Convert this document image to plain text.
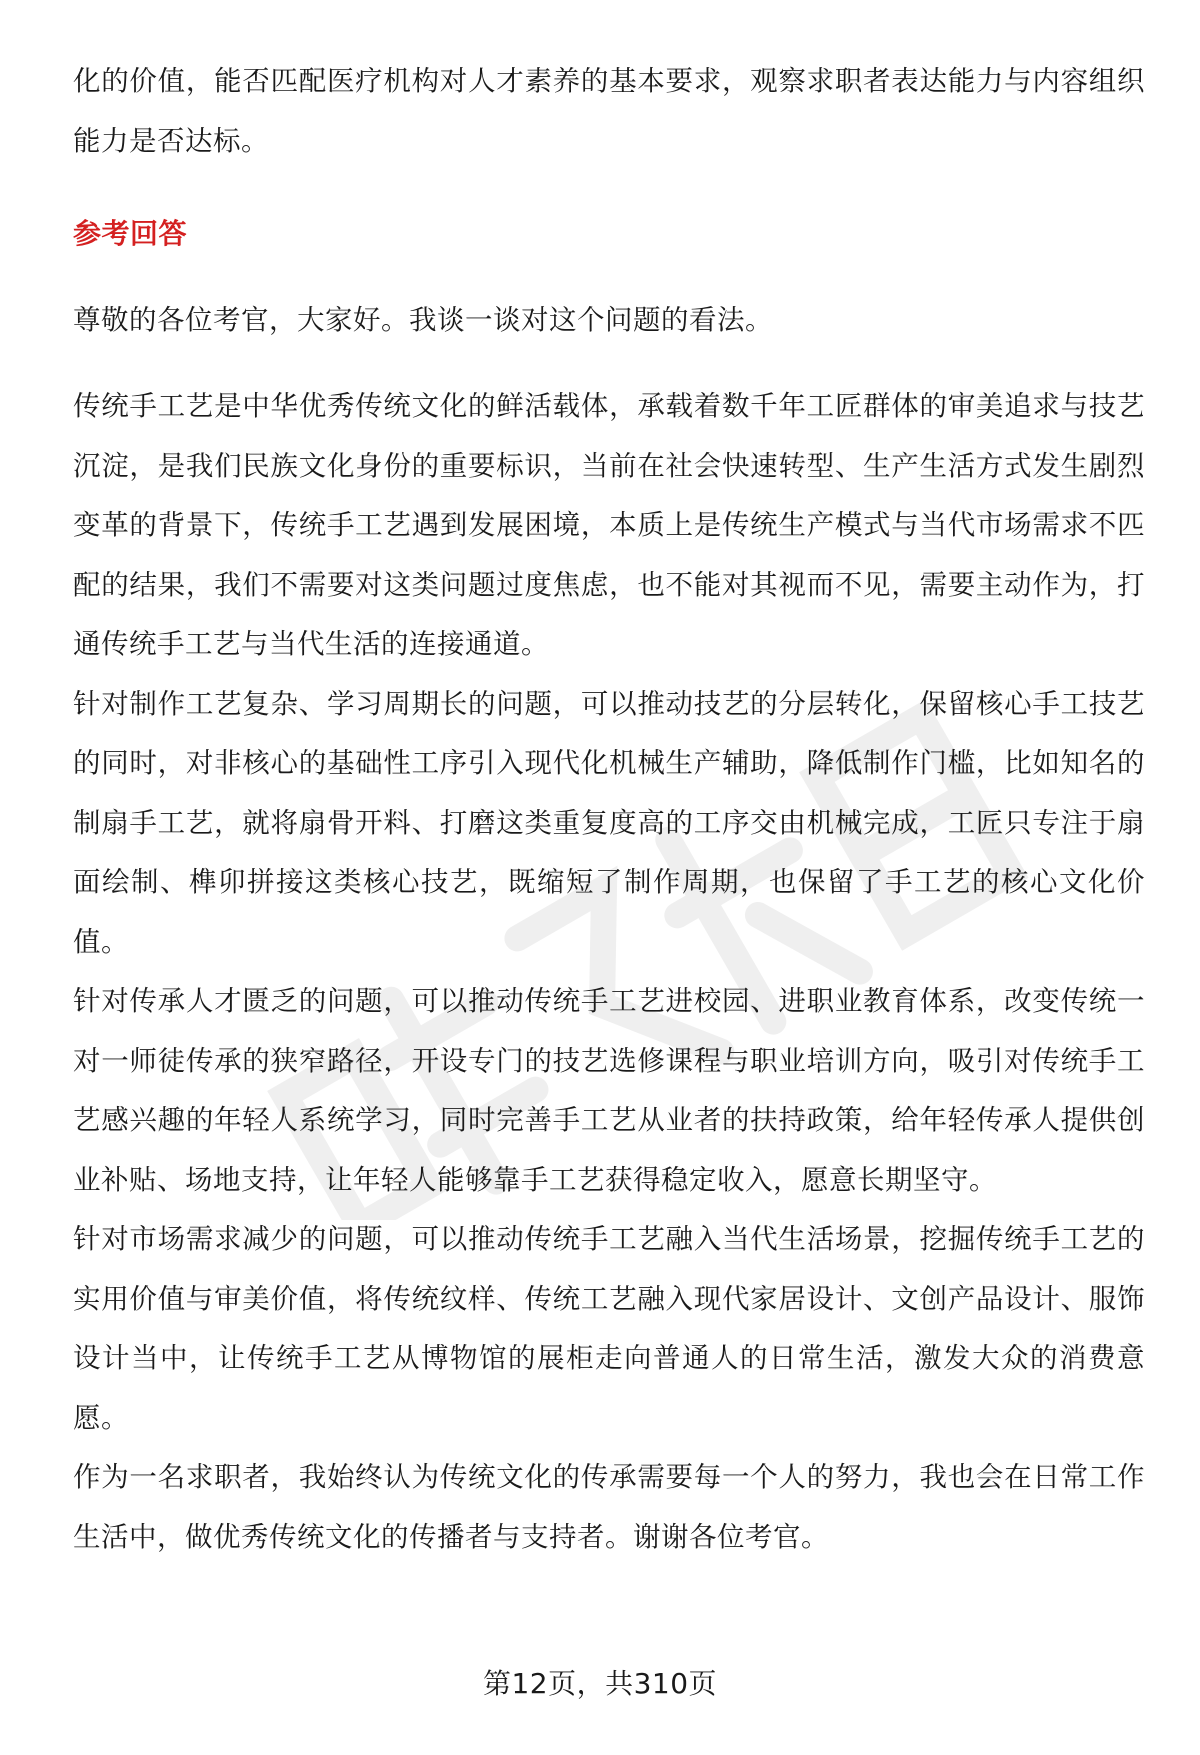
化的价值，能否匹配医疗机构对人才素养的基本要求，观察求职者表达能力与内容组织能力是否达标。

参考回答

尊敬的各位考官，大家好。我谈一谈对这个问题的看法。

传统手工艺是中华优秀传统文化的鲜活载体，承载着数千年工匠群体的审美追求与技艺沉淀，是我们民族文化身份的重要标识，当前在社会快速转型、生产生活方式发生剧烈变革的背景下，传统手工艺遇到发展困境，本质上是传统生产模式与当代市场需求不匹配的结果，我们不需要对这类问题过度焦虑，也不能对其视而不见，需要主动作为，打通传统手工艺与当代生活的连接通道。

针对制作工艺复杂、学习周期长的问题，可以推动技艺的分层转化，保留核心手工技艺的同时，对非核心的基础性工序引入现代化机械生产辅助，降低制作门槛，比如知名的制扇手工艺，就将扇骨开料、打磨这类重复度高的工序交由机械完成，工匠只专注于扇面绘制、榫卯拼接这类核心技艺，既缩短了制作周期，也保留了手工艺的核心文化价值。

针对传承人才匮乏的问题，可以推动传统手工艺进校园、进职业教育体系，改变传统一对一师徒传承的狭窄路径，开设专门的技艺选修课程与职业培训方向，吸引对传统手工艺感兴趣的年轻人系统学习，同时完善手工艺从业者的扶持政策，给年轻传承人提供创业补贴、场地支持，让年轻人能够靠手工艺获得稳定收入，愿意长期坚守。

针对市场需求减少的问题，可以推动传统手工艺融入当代生活场景，挖掘传统手工艺的实用价值与审美价值，将传统纹样、传统工艺融入现代家居设计、文创产品设计、服饰设计当中，让传统手工艺从博物馆的展柜走向普通人的日常生活，激发大众的消费意愿。

作为一名求职者，我始终认为传统文化的传承需要每一个人的努力，我也会在日常工作生活中，做优秀传统文化的传播者与支持者。谢谢各位考官。

第12页，共310页
